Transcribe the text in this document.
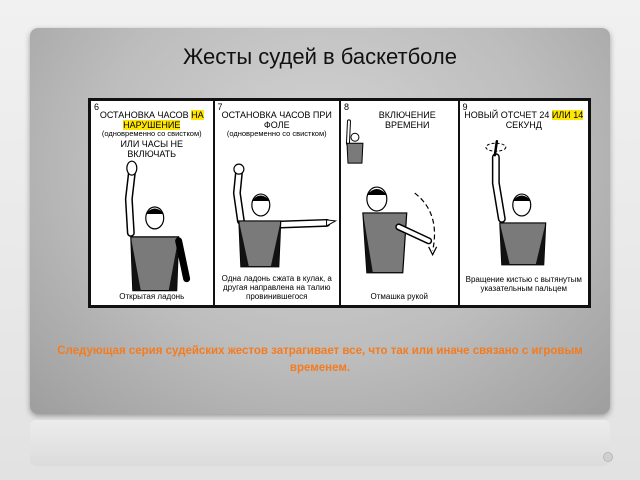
Жесты судей в баскетболе
6
ОСТАНОВКА ЧАСОВ НА НАРУШЕНИЕ
(одновременно со свистком)
ИЛИ ЧАСЫ НЕ ВКЛЮЧАТЬ
Открытая ладонь
7
ОСТАНОВКА ЧАСОВ ПРИ ФОЛЕ
(одновременно со свистком)
Одна ладонь сжата в кулак, а другая направлена на талию провинившегося
8
ВКЛЮЧЕНИЕ ВРЕМЕНИ
Отмашка рукой
9
НОВЫЙ ОТСЧЕТ 24 ИЛИ 14 СЕКУНД
Вращение кистью с вытянутым указательным пальцем
Следующая серия судейских жестов затрагивает все, что так или иначе связано с игровым временем.
